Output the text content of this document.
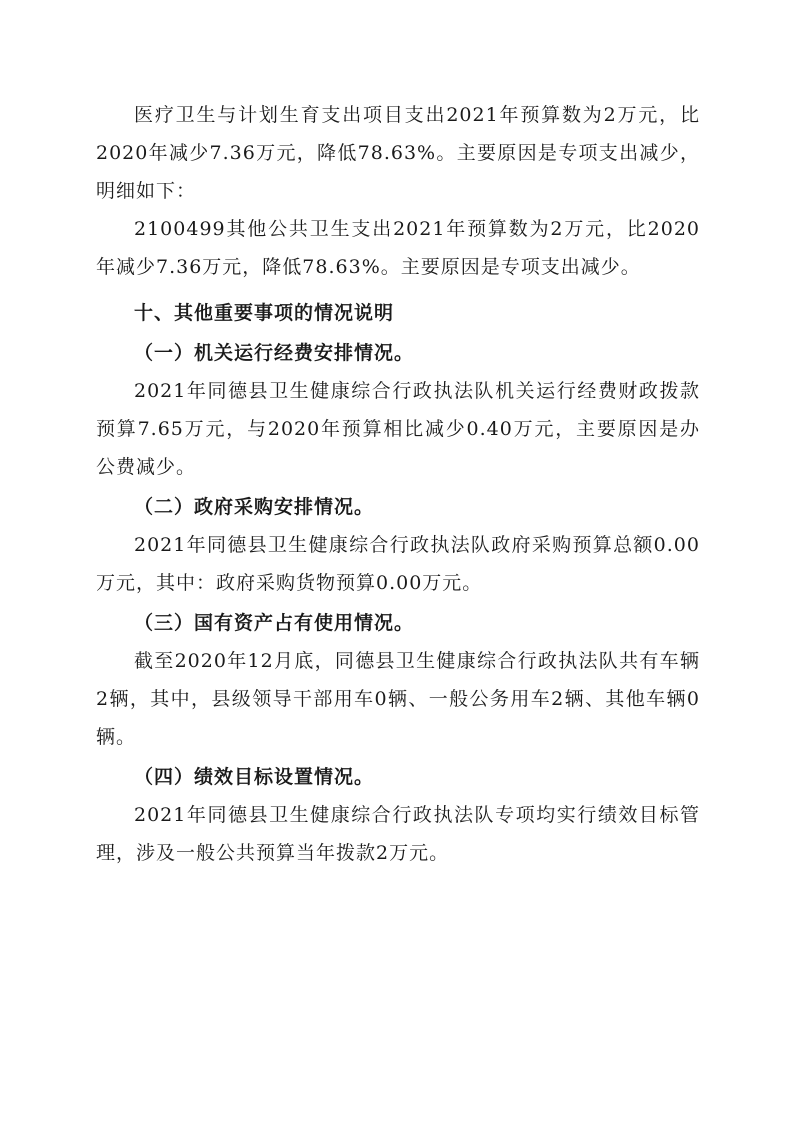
医疗卫生与计划生育支出项目支出2021年预算数为2万元，比2020年减少7.36万元，降低78.63%。主要原因是专项支出减少，明细如下：

2100499其他公共卫生支出2021年预算数为2万元，比2020年减少7.36万元，降低78.63%。主要原因是专项支出减少。

十、其他重要事项的情况说明

（一）机关运行经费安排情况。

2021年同德县卫生健康综合行政执法队机关运行经费财政拨款预算7.65万元，与2020年预算相比减少0.40万元，主要原因是办公费减少。

（二）政府采购安排情况。

2021年同德县卫生健康综合行政执法队政府采购预算总额0.00万元，其中：政府采购货物预算0.00万元。

（三）国有资产占有使用情况。

截至2020年12月底，同德县卫生健康综合行政执法队共有车辆2辆，其中，县级领导干部用车0辆、一般公务用车2辆、其他车辆0辆。

（四）绩效目标设置情况。

2021年同德县卫生健康综合行政执法队专项均实行绩效目标管理，涉及一般公共预算当年拨款2万元。
